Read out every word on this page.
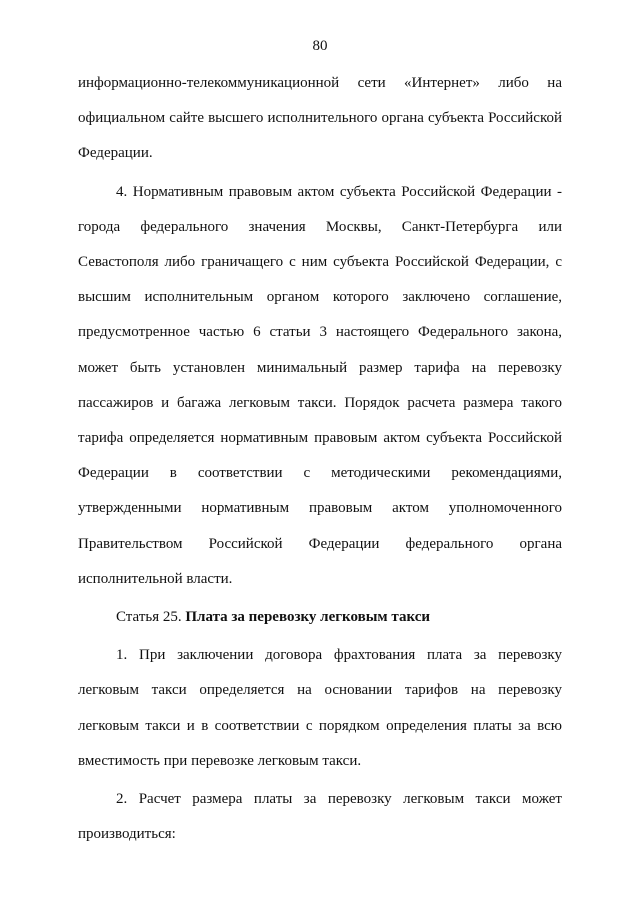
80

информационно-телекоммуникационной сети «Интернет» либо на официальном сайте высшего исполнительного органа субъекта Российской Федерации.

4. Нормативным правовым актом субъекта Российской Федерации - города федерального значения Москвы, Санкт-Петербурга или Севастополя либо граничащего с ним субъекта Российской Федерации, с высшим исполнительным органом которого заключено соглашение, предусмотренное частью 6 статьи 3 настоящего Федерального закона, может быть установлен минимальный размер тарифа на перевозку пассажиров и багажа легковым такси. Порядок расчета размера такого тарифа определяется нормативным правовым актом субъекта Российской Федерации в соответствии с методическими рекомендациями, утвержденными нормативным правовым актом уполномоченного Правительством Российской Федерации федерального органа исполнительной власти.

Статья 25. Плата за перевозку легковым такси

1. При заключении договора фрахтования плата за перевозку легковым такси определяется на основании тарифов на перевозку легковым такси и в соответствии с порядком определения платы за всю вместимость при перевозке легковым такси.

2. Расчет размера платы за перевозку легковым такси может производиться:
